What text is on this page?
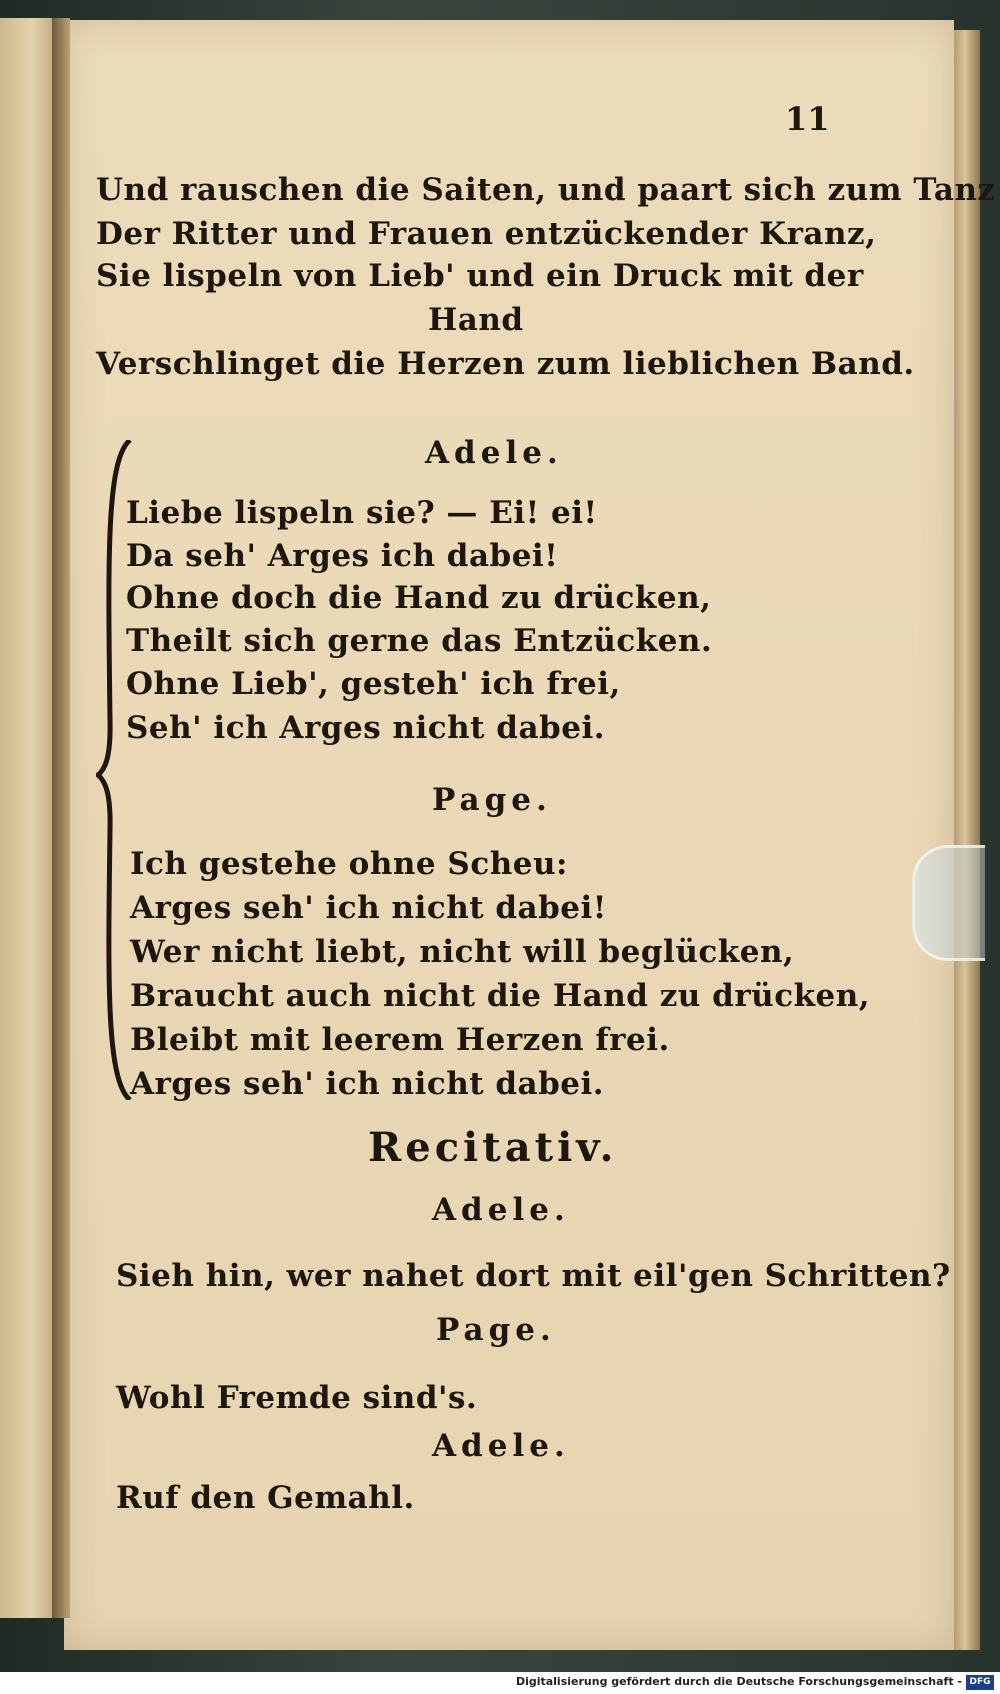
11

Und rauschen die Saiten, und paart sich zum Tanz

Der Ritter und Frauen entzückender Kranz,

Sie lispeln von Lieb' und ein Druck mit der

Hand

Verschlinget die Herzen zum lieblichen Band.

Adele.

Liebe lispeln sie? — Ei! ei!

Da seh' Arges ich dabei!

Ohne doch die Hand zu drücken,

Theilt sich gerne das Entzücken.

Ohne Lieb', gesteh' ich frei,

Seh' ich Arges nicht dabei.

Page.

Ich gestehe ohne Scheu:

Arges seh' ich nicht dabei!

Wer nicht liebt, nicht will beglücken,

Braucht auch nicht die Hand zu drücken,

Bleibt mit leerem Herzen frei.

Arges seh' ich nicht dabei.

Recitativ.

Adele.

Sieh hin, wer nahet dort mit eil'gen Schritten?

Page.

Wohl Fremde sind's.

Adele.

Ruf den Gemahl.

Digitalisierung gefördert durch die Deutsche Forschungsgemeinschaft - DFG
